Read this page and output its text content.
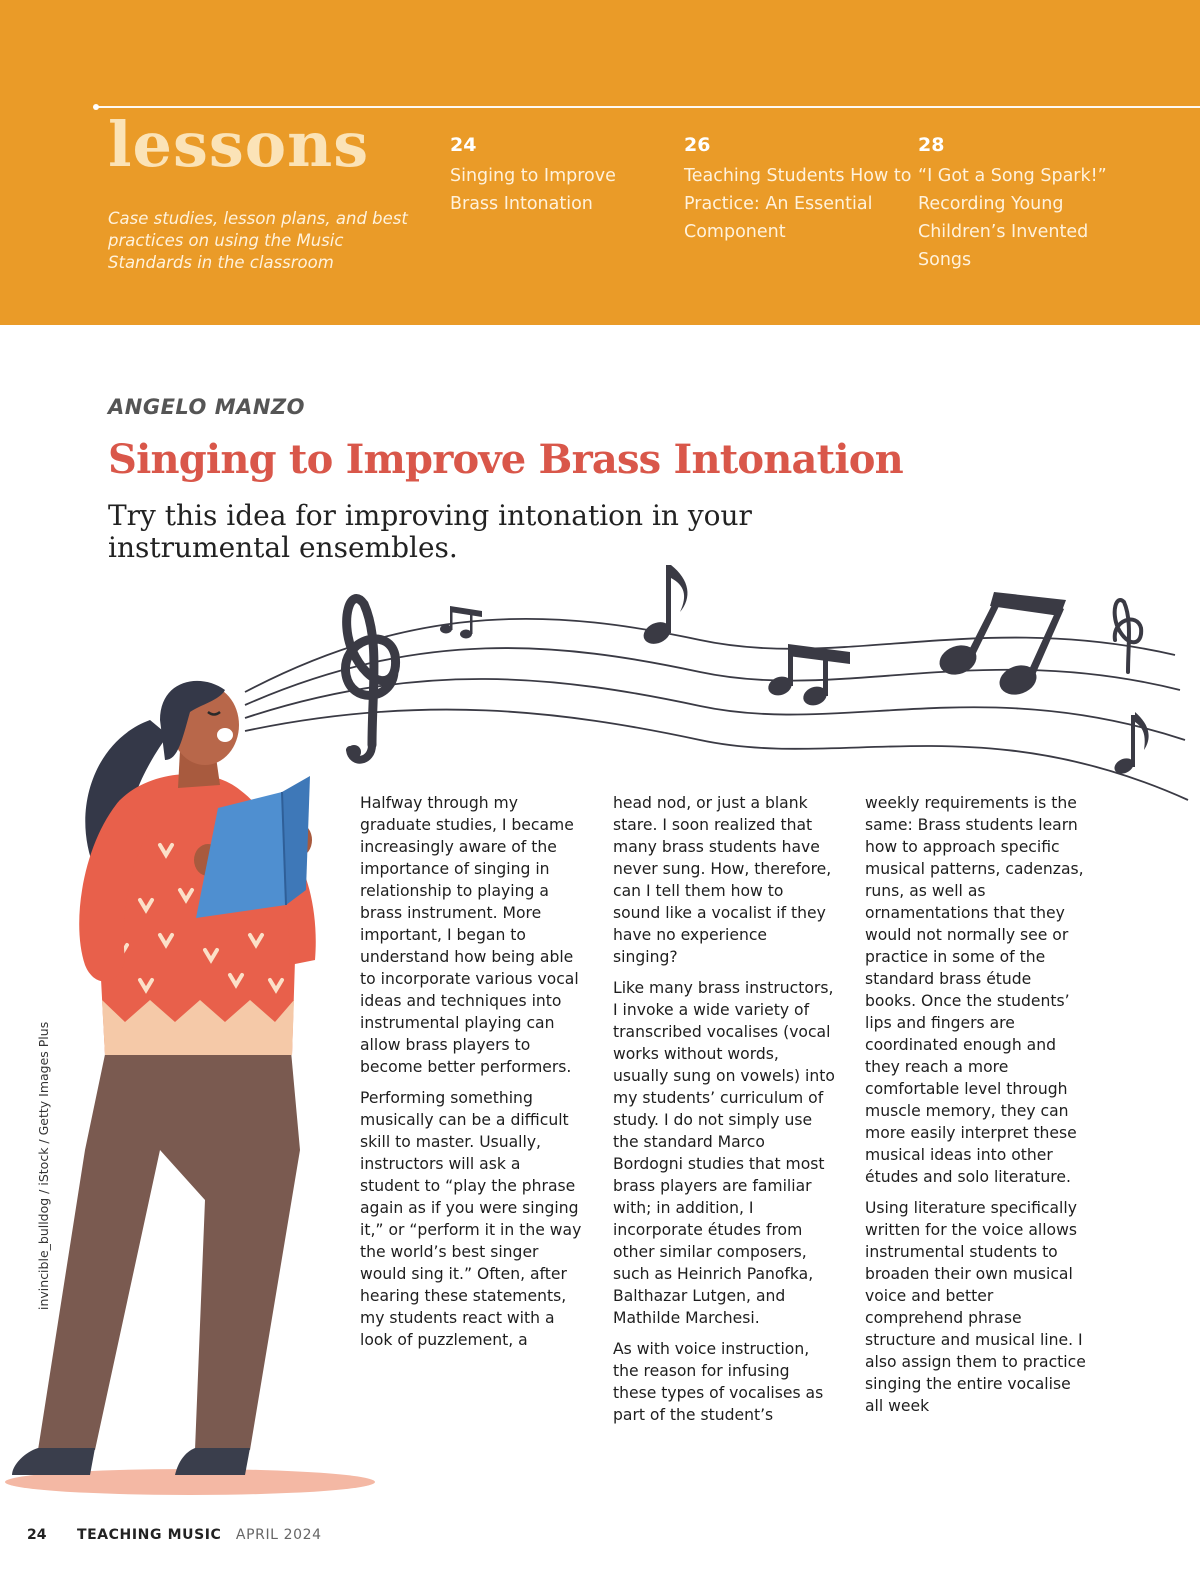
lessons

Case studies, lesson plans, and best practices on using the Music Standards in the classroom

24
Singing to Improve Brass Intonation
26
Teaching Students How to Practice: An Essential Component
28
“I Got a Song Spark!” Recording Young Children’s Invented Songs

ANGELO MANZO

Singing to Improve Brass Intonation

Try this idea for improving intonation in your instrumental ensembles.

Halfway through my graduate studies, I became increasingly aware of the importance of singing in relationship to playing a brass instrument. More important, I began to understand how being able to incorporate various vocal ideas and techniques into instrumental playing can allow brass players to become better performers.

Performing something musically can be a difficult skill to master. Usually, instructors will ask a student to “play the phrase again as if you were singing it,” or “perform it in the way the world’s best singer would sing it.” Often, after hearing these statements, my students react with a look of puzzlement, a

head nod, or just a blank stare. I soon realized that many brass students have never sung. How, therefore, can I tell them how to sound like a vocalist if they have no experience singing?

Like many brass instructors, I invoke a wide variety of transcribed vocalises (vocal works without words, usually sung on vowels) into my students’ curriculum of study. I do not simply use the standard Marco Bordogni studies that most brass players are familiar with; in addition, I incorporate études from other similar composers, such as Heinrich Panofka, Balthazar Lutgen, and Mathilde Marchesi.

As with voice instruction, the reason for infusing these types of vocalises as part of the student’s

weekly requirements is the same: Brass students learn how to approach specific musical patterns, cadenzas, runs, as well as ornamentations that they would not normally see or practice in some of the standard brass étude books. Once the students’ lips and fingers are coordinated enough and they reach a more comfortable level through muscle memory, they can more easily interpret these musical ideas into other études and solo literature.

Using literature specifically written for the voice allows instrumental students to broaden their own musical voice and better comprehend phrase structure and musical line. I also assign them to practice singing the entire vocalise all week

invincible_bulldog / iStock / Getty Images Plus

24 TEACHING MUSIC APRIL 2024
